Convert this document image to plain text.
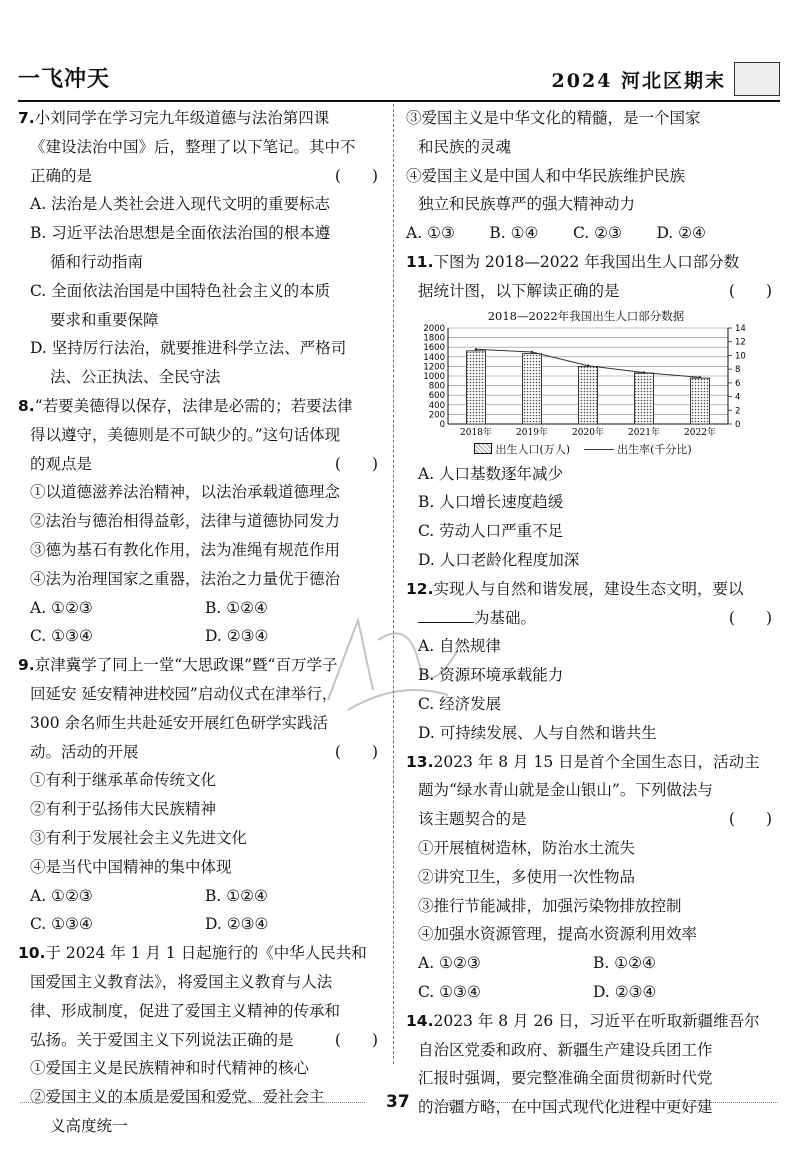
一飞冲天	2024 河北区期末
7.小刘同学在学习完九年级道德与法治第四课
《建设法治中国》后，整理了以下笔记。其中不
正确的是	(　　)
A. 法治是人类社会进入现代文明的重要标志
B. 习近平法治思想是全面依法治国的根本遵
循和行动指南
C. 全面依法治国是中国特色社会主义的本质
要求和重要保障
D. 坚持厉行法治，就要推进科学立法、严格司
法、公正执法、全民守法
8.“若要美德得以保存，法律是必需的；若要法律
得以遵守，美德则是不可缺少的。”这句话体现
的观点是	(　　)
①以道德滋养法治精神，以法治承载道德理念
②法治与德治相得益彰，法律与道德协同发力
③德为基石有教化作用，法为准绳有规范作用
④法为治理国家之重器，法治之力量优于德治
A. ①②③	B. ①②④
C. ①③④	D. ②③④
9.京津冀学了同上一堂“大思政课”暨“百万学子
回延安 延安精神进校园”启动仪式在津举行，
300 余名师生共赴延安开展红色研学实践活
动。活动的开展	(　　)
①有利于继承革命传统文化
②有利于弘扬伟大民族精神
③有利于发展社会主义先进文化
④是当代中国精神的集中体现
A. ①②③	B. ①②④
C. ①③④	D. ②③④
10.于 2024 年 1 月 1 日起施行的《中华人民共和
国爱国主义教育法》，将爱国主义教育与人法
律、形成制度，促进了爱国主义精神的传承和
弘扬。关于爱国主义下列说法正确的是	(　　)
①爱国主义是民族精神和时代精神的核心
②爱国主义的本质是爱国和爱党、爱社会主
义高度统一
③爱国主义是中华文化的精髓，是一个国家
和民族的灵魂
④爱国主义是中国人和中华民族维护民族
独立和民族尊严的强大精神动力
A. ①③ B. ①④ C. ②③ D. ②④
11.下图为 2018—2022 年我国出生人口部分数
据统计图，以下解读正确的是	(　　)
2018—2022年我国出生人口部分数据
0
200
400
600
800
1000
1200
1400
1600
1800
2000
0
2
4
6
8
10
12
14
2018年	2019年	2020年	2021年	2022年
出生人口(万人)	出生率(千分比)
A. 人口基数逐年减少
B. 人口增长速度趋缓
C. 劳动人口严重不足
D. 人口老龄化程度加深
12.实现人与自然和谐发展，建设生态文明，要以
为基础。	(　　)
A. 自然规律
B. 资源环境承载能力
C. 经济发展
D. 可持续发展、人与自然和谐共生
13.2023 年 8 月 15 日是首个全国生态日，活动主
题为“绿水青山就是金山银山”。下列做法与
该主题契合的是	(　　)
①开展植树造林，防治水土流失
②讲究卫生，多使用一次性物品
③推行节能减排，加强污染物排放控制
④加强水资源管理，提高水资源利用效率
A. ①②③	B. ①②④
C. ①③④	D. ②③④
14.2023 年 8 月 26 日，习近平在听取新疆维吾尔
自治区党委和政府、新疆生产建设兵团工作
汇报时强调，要完整准确全面贯彻新时代党
的治疆方略，在中国式现代化进程中更好建
37
